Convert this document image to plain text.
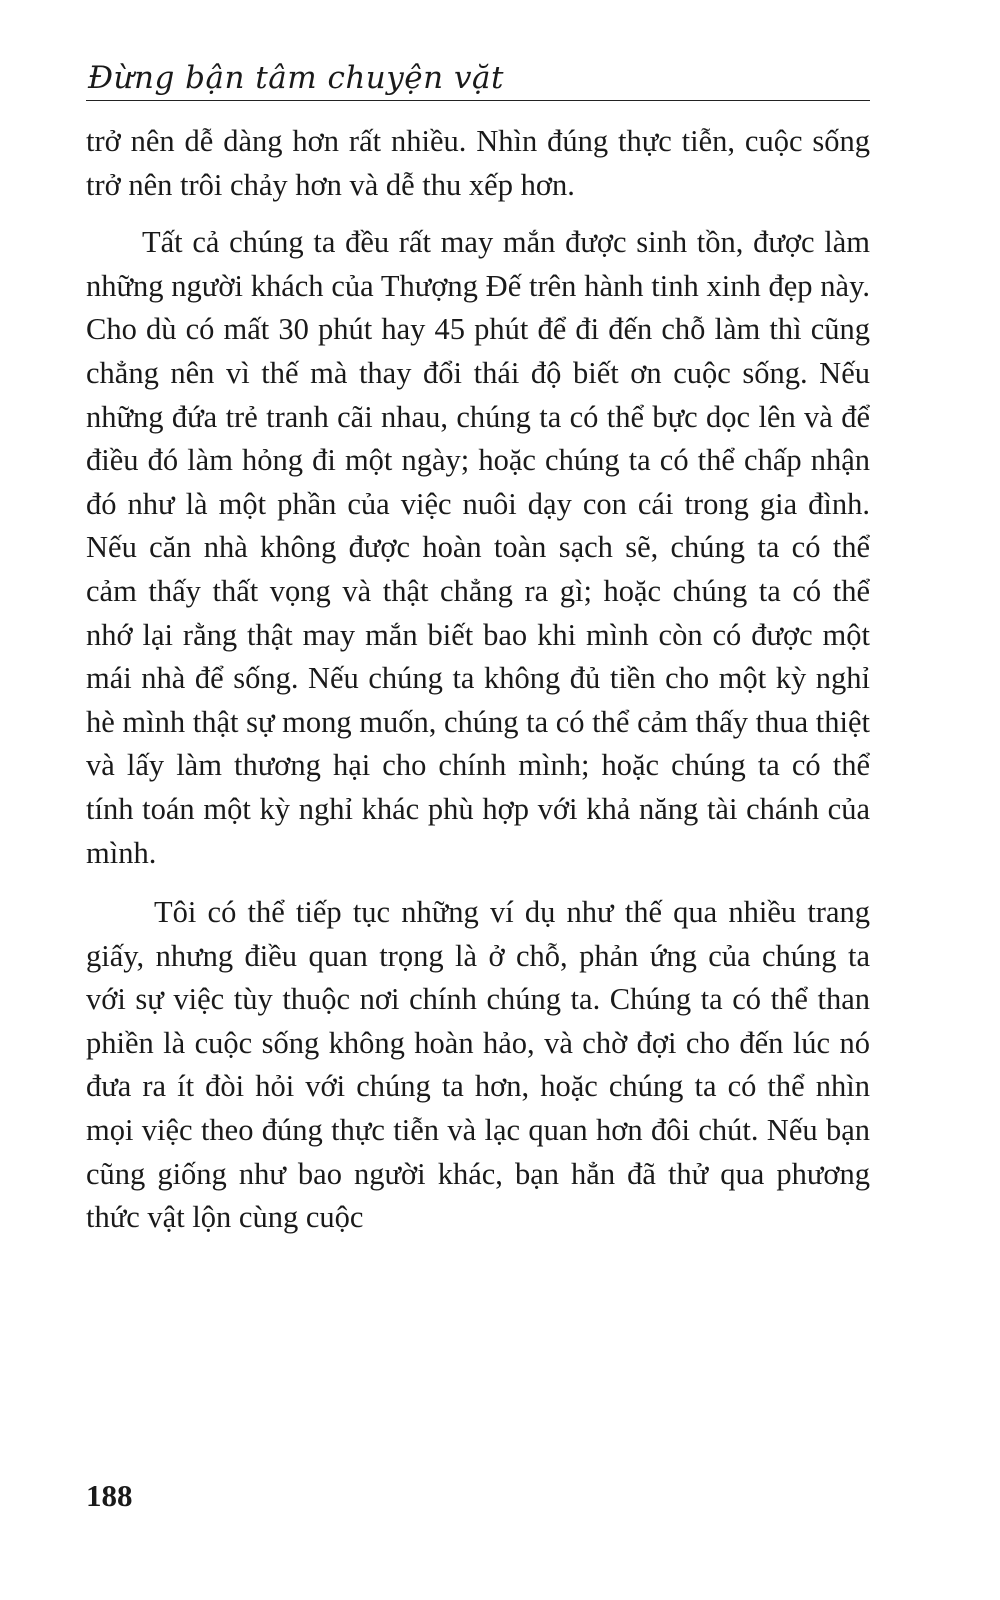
Đừng bận tâm chuyện vặt

trở nên dễ dàng hơn rất nhiều. Nhìn đúng thực tiễn, cuộc sống trở nên trôi chảy hơn và dễ thu xếp hơn.

Tất cả chúng ta đều rất may mắn được sinh tồn, được làm những người khách của Thượng Đế trên hành tinh xinh đẹp này. Cho dù có mất 30 phút hay 45 phút để đi đến chỗ làm thì cũng chẳng nên vì thế mà thay đổi thái độ biết ơn cuộc sống. Nếu những đứa trẻ tranh cãi nhau, chúng ta có thể bực dọc lên và để điều đó làm hỏng đi một ngày; hoặc chúng ta có thể chấp nhận đó như là một phần của việc nuôi dạy con cái trong gia đình. Nếu căn nhà không được hoàn toàn sạch sẽ, chúng ta có thể cảm thấy thất vọng và thật chẳng ra gì; hoặc chúng ta có thể nhớ lại rằng thật may mắn biết bao khi mình còn có được một mái nhà để sống. Nếu chúng ta không đủ tiền cho một kỳ nghỉ hè mình thật sự mong muốn, chúng ta có thể cảm thấy thua thiệt và lấy làm thương hại cho chính mình; hoặc chúng ta có thể tính toán một kỳ nghỉ khác phù hợp với khả năng tài chánh của mình.

Tôi có thể tiếp tục những ví dụ như thế qua nhiều trang giấy, nhưng điều quan trọng là ở chỗ, phản ứng của chúng ta với sự việc tùy thuộc nơi chính chúng ta. Chúng ta có thể than phiền là cuộc sống không hoàn hảo, và chờ đợi cho đến lúc nó đưa ra ít đòi hỏi với chúng ta hơn, hoặc chúng ta có thể nhìn mọi việc theo đúng thực tiễn và lạc quan hơn đôi chút. Nếu bạn cũng giống như bao người khác, bạn hẳn đã thử qua phương thức vật lộn cùng cuộc

188
